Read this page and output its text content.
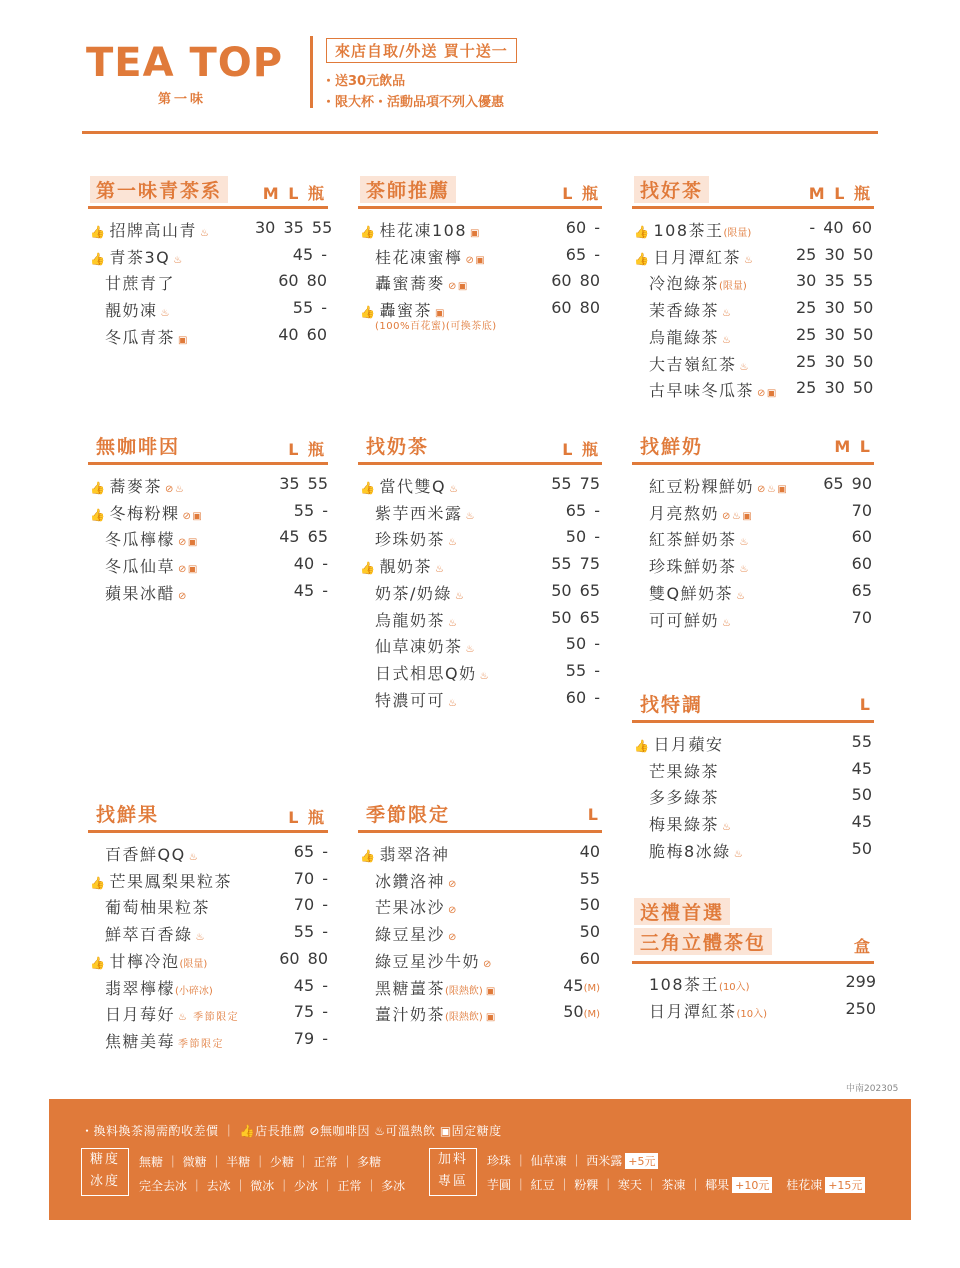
TEA TOP
第一味
來店自取/外送 買十送一
・送30元飲品
・限大杯・活動品項不列入優惠
第一味青茶系	M L 瓶
👍 招牌高山青 ♨	30 35 55
👍 青茶3Q ♨	45 -
甘蔗青了	60 80
靚奶凍 ♨	55 -
冬瓜青茶 ▣	40 60
茶師推薦	L 瓶
👍 桂花凍108 ▣	60 -
桂花凍蜜檸 ⊘▣	65 -
轟蜜蕎麥 ⊘▣	60 80
👍 轟蜜茶 ▣	60 80
(100%百花蜜)(可換茶底)
找好茶	M L 瓶
👍 108茶王(限量)	- 40 60
👍 日月潭紅茶 ♨	25 30 50
冷泡綠茶(限量)	30 35 55
茉香綠茶 ♨	25 30 50
烏龍綠茶 ♨	25 30 50
大吉嶺紅茶 ♨	25 30 50
古早味冬瓜茶 ⊘▣ 25 30 50
無咖啡因	L 瓶
👍 蕎麥茶 ⊘♨	35 55
👍 冬梅粉粿 ⊘▣	55 -
冬瓜檸檬 ⊘▣	45 65
冬瓜仙草 ⊘▣	40 -
蘋果冰醋 ⊘	45 -
找奶茶	L 瓶
👍 當代雙Q ♨	55 75
紫芋西米露 ♨	65 -
珍珠奶茶 ♨	50 -
👍 靚奶茶 ♨	55 75
奶茶/奶綠 ♨	50 65
烏龍奶茶 ♨	50 65
仙草凍奶茶 ♨	50 -
日式相思Q奶 ♨	55 -
特濃可可 ♨	60 -
找鮮奶	M L
紅豆粉粿鮮奶 ⊘♨▣ 65 90
月亮熬奶 ⊘♨▣	70
紅茶鮮奶茶 ♨	60
珍珠鮮奶茶 ♨	60
雙Q鮮奶茶 ♨	65
可可鮮奶 ♨	70
找特調	L
👍 日月蘋安	55
芒果綠茶	45
多多綠茶	50
梅果綠茶 ♨	45
脆梅8冰綠 ♨	50
找鮮果	L 瓶
百香鮮QQ ♨	65 -
👍 芒果鳳梨果粒茶	70 -
葡萄柚果粒茶	70 -
鮮萃百香綠 ♨	55 -
👍 甘檸冷泡(限量)	60 80
翡翠檸檬(小碎冰)	45 -
日月莓好 ♨ 季節限定	75 -
焦糖美莓 季節限定	79 -
季節限定	L
👍 翡翠洛神	40
冰鑽洛神 ⊘	55
芒果冰沙 ⊘	50
綠豆星沙 ⊘	50
綠豆星沙牛奶 ⊘	60
黑糖薑茶(限熱飲) ▣	45(M)
薑汁奶茶(限熱飲) ▣	50(M)
送禮首選
三角立體茶包	盒
108茶王(10入)	299
日月潭紅茶(10入)	250
中南202305
・換料換茶湯需酌收差價 ｜ 👍店長推薦 ⊘無咖啡因 ♨可溫熱飲 ▣固定糖度
糖度
冰度
無糖 ｜ 微糖 ｜ 半糖 ｜ 少糖 ｜ 正常 ｜ 多糖
完全去冰 ｜ 去冰 ｜ 微冰 ｜ 少冰 ｜ 正常 ｜ 多冰
加料
專區
珍珠 ｜ 仙草凍 ｜ 西米露 +5元
芋圓 ｜ 紅豆 ｜ 粉粿 ｜ 寒天 ｜ 茶凍 ｜ 椰果 +10元 桂花凍 +15元
